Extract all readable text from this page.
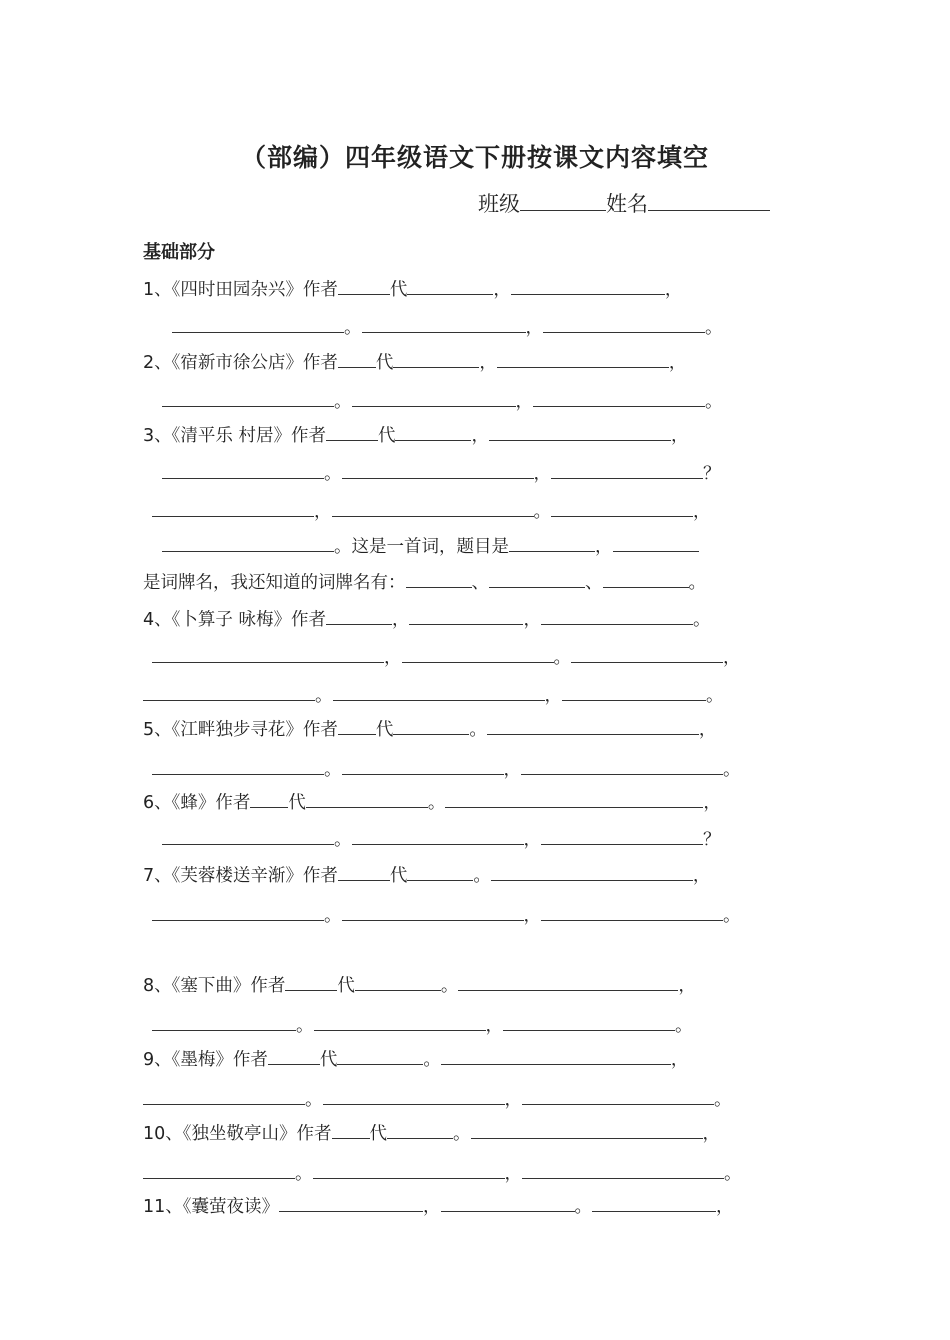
（部编）四年级语文下册按课文内容填空
班级	姓名
基础部分
1、《四时田园杂兴》作者	代	，	，
。	，	。
2、《宿新市徐公店》作者 代	，	，
。	，	。
3、《清平乐 村居》作者	代	，	，
。	，	？
，	。	，
。这是一首词，题目是	，
是词牌名，我还知道的词牌名有：	、	、	。
4、《卜算子 咏梅》作者	，	，	。
，	。	，
。	，	。
5、《江畔独步寻花》作者 代	。	，
。	，	。
6、《蜂》作者 代	。	，
。	，	？
7、《芙蓉楼送辛渐》作者	代	。	，
。	，	。
8、《塞下曲》作者	代	。	，
。	，	。
9、《墨梅》作者	代	。	，
。	，	。
10、《独坐敬亭山》作者 代	。	，
。	，	。
11、《囊萤夜读》	，	。	，
